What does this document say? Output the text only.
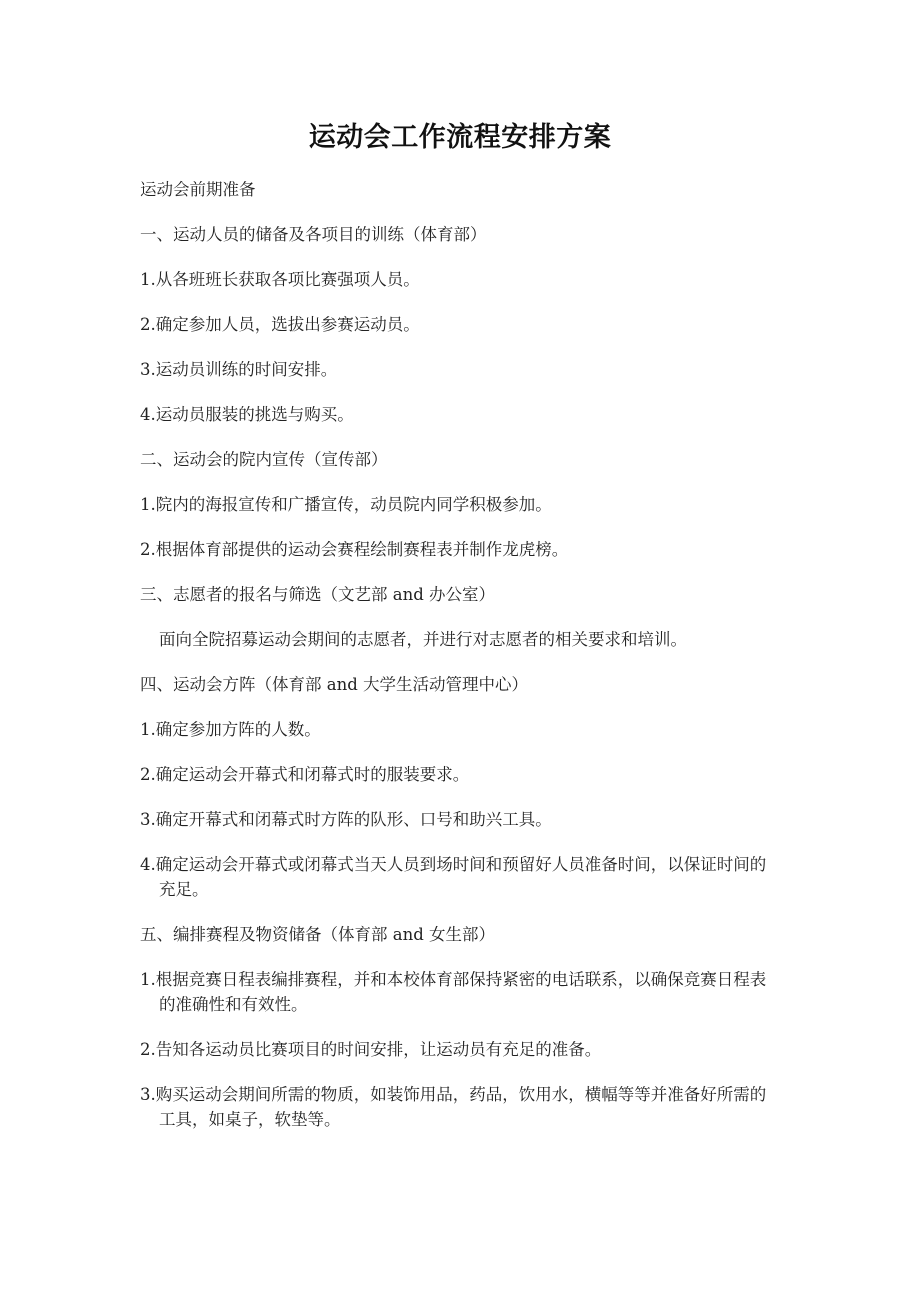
运动会工作流程安排方案

运动会前期准备

一、运动人员的储备及各项目的训练（体育部）

1.从各班班长获取各项比赛强项人员。

2.确定参加人员，选拔出参赛运动员。

3.运动员训练的时间安排。

4.运动员服装的挑选与购买。

二、运动会的院内宣传（宣传部）

1.院内的海报宣传和广播宣传，动员院内同学积极参加。

2.根据体育部提供的运动会赛程绘制赛程表并制作龙虎榜。

三、志愿者的报名与筛选（文艺部 and 办公室）

面向全院招募运动会期间的志愿者，并进行对志愿者的相关要求和培训。

四、运动会方阵（体育部 and 大学生活动管理中心）

1.确定参加方阵的人数。

2.确定运动会开幕式和闭幕式时的服装要求。

3.确定开幕式和闭幕式时方阵的队形、口号和助兴工具。

4.确定运动会开幕式或闭幕式当天人员到场时间和预留好人员准备时间，以保证时间的充足。

五、编排赛程及物资储备（体育部 and 女生部）

1.根据竞赛日程表编排赛程，并和本校体育部保持紧密的电话联系，以确保竞赛日程表的准确性和有效性。

2.告知各运动员比赛项目的时间安排，让运动员有充足的准备。

3.购买运动会期间所需的物质，如装饰用品，药品，饮用水，横幅等等并准备好所需的工具，如桌子，软垫等。
